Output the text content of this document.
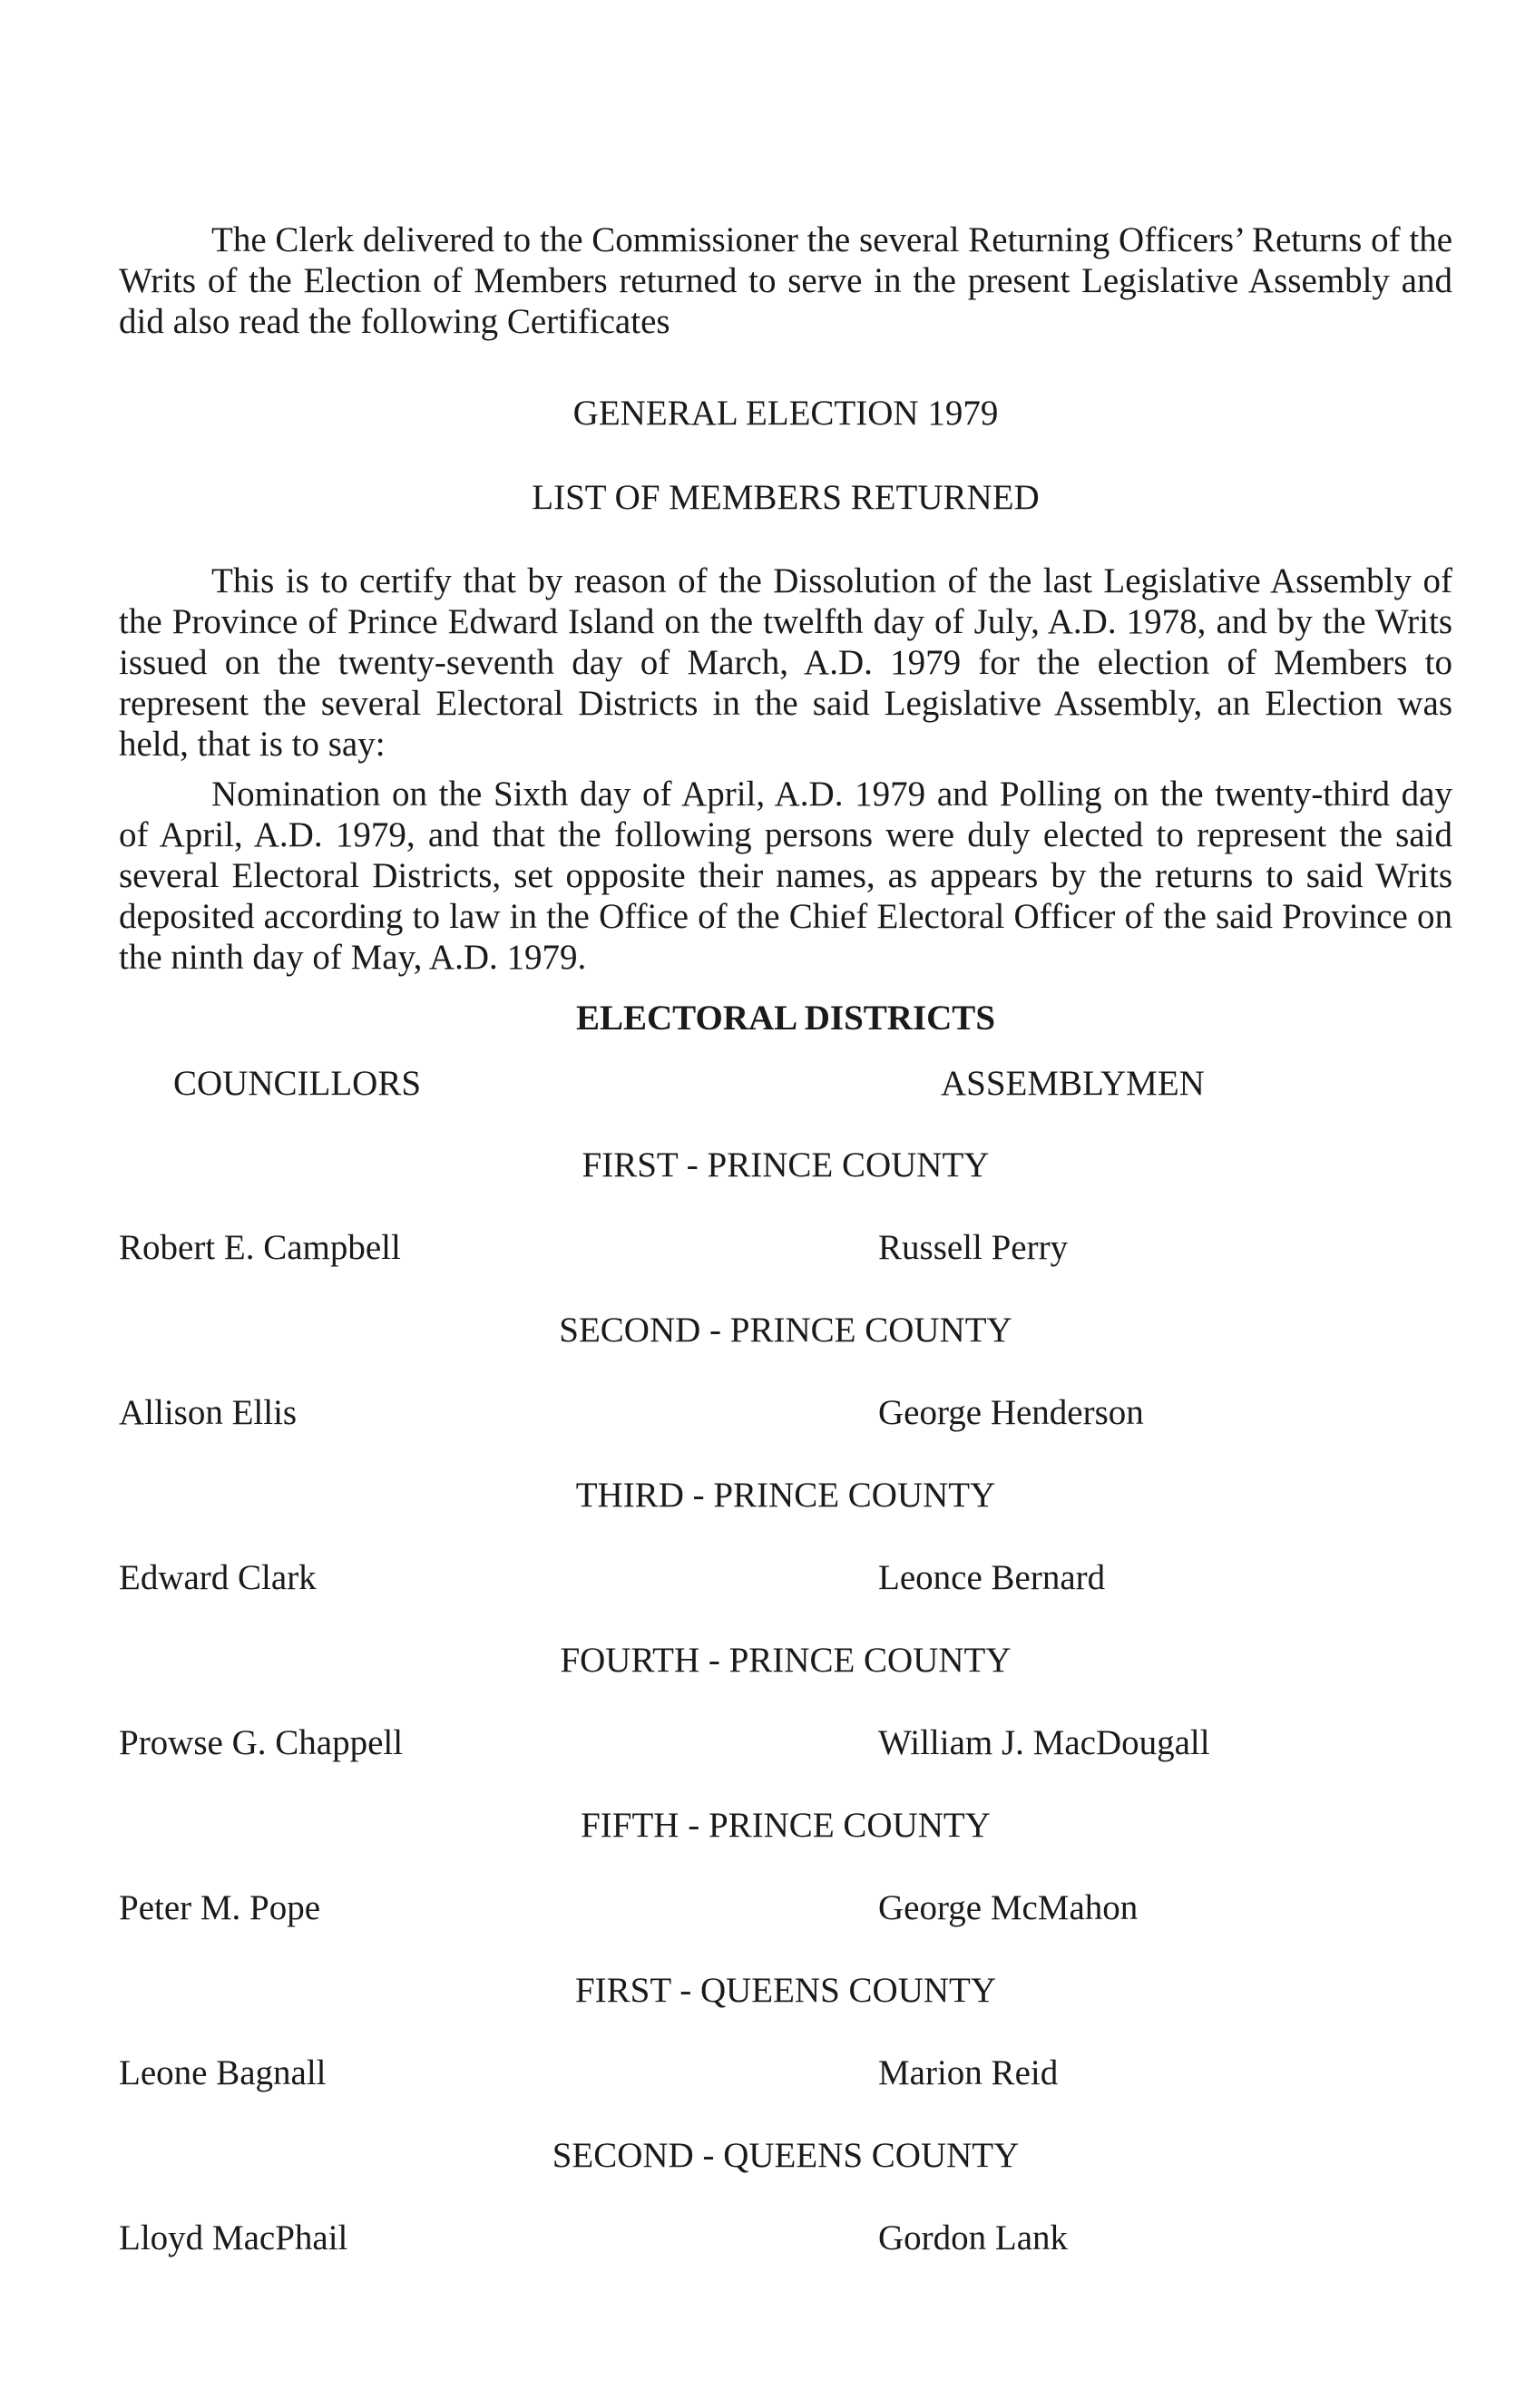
The Clerk delivered to the Commissioner the several Returning Officers’ Returns of the Writs of the Election of Members returned to serve in the present Legislative Assembly and did also read the following Certificates

GENERAL ELECTION 1979

LIST OF MEMBERS RETURNED

This is to certify that by reason of the Dissolution of the last Legislative Assembly of the Province of Prince Edward Island on the twelfth day of July, A.D. 1978, and by the Writs issued on the twenty-seventh day of March, A.D. 1979 for the election of Members to represent the several Electoral Districts in the said Legislative Assembly, an Election was held, that is to say:

Nomination on the Sixth day of April, A.D. 1979 and Polling on the twenty-third day of April, A.D. 1979, and that the following persons were duly elected to represent the said several Electoral Districts, set opposite their names, as appears by the returns to said Writs deposited according to law in the Office of the Chief Electoral Officer of the said Province on the ninth day of May, A.D. 1979.

ELECTORAL DISTRICTS

COUNCILLORS	ASSEMBLYMEN

FIRST - PRINCE COUNTY

Robert E. Campbell	Russell Perry

SECOND - PRINCE COUNTY

Allison Ellis	George Henderson

THIRD - PRINCE COUNTY

Edward Clark	Leonce Bernard

FOURTH - PRINCE COUNTY

Prowse G. Chappell	William J. MacDougall

FIFTH - PRINCE COUNTY

Peter M. Pope	George McMahon

FIRST - QUEENS COUNTY

Leone Bagnall	Marion Reid

SECOND - QUEENS COUNTY

Lloyd MacPhail	Gordon Lank
